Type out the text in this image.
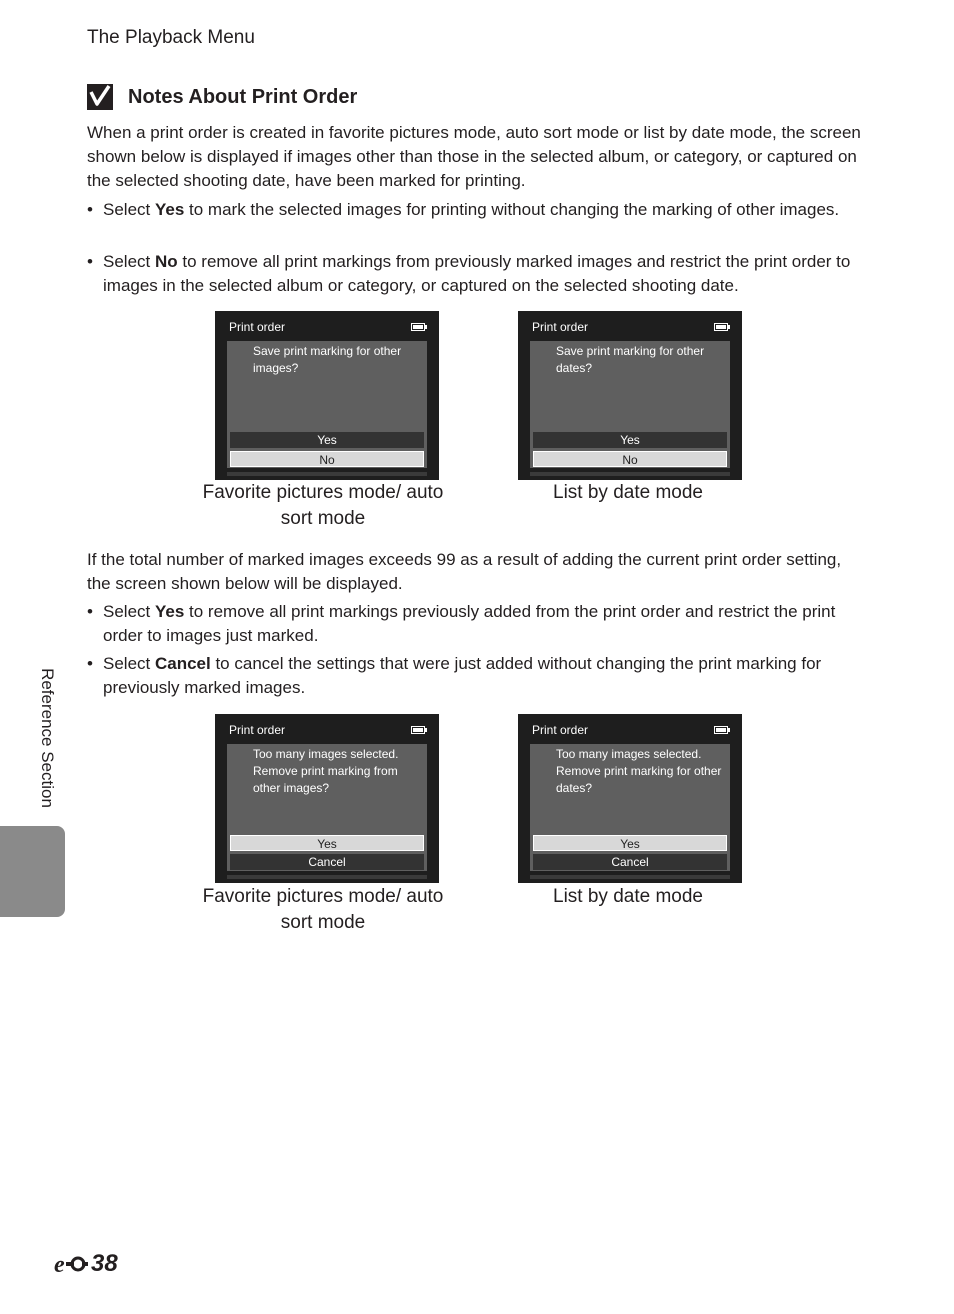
The Playback Menu
Notes About Print Order

When a print order is created in favorite pictures mode, auto sort mode or list by date mode, the screen shown below is displayed if images other than those in the selected album, or category, or captured on the selected shooting date, have been marked for printing.

• Select Yes to mark the selected images for printing without changing the marking of other images.

• Select No to remove all print markings from previously marked images and restrict the print order to images in the selected album or category, or captured on the selected shooting date.

Print order
Save print marking for other images?
Yes
No
Favorite pictures mode/ auto sort mode
Print order
Save print marking for other dates?
Yes
No
List by date mode

If the total number of marked images exceeds 99 as a result of adding the current print order setting, the screen shown below will be displayed.

• Select Yes to remove all print markings previously added from the print order and restrict the print order to images just marked.

• Select Cancel to cancel the settings that were just added without changing the print marking for previously marked images.

Print order
Too many images selected. Remove print marking from other images?
Yes
Cancel
Favorite pictures mode/ auto sort mode
Print order
Too many images selected. Remove print marking for other dates?
Yes
Cancel
List by date mode
Reference Section
e 38
